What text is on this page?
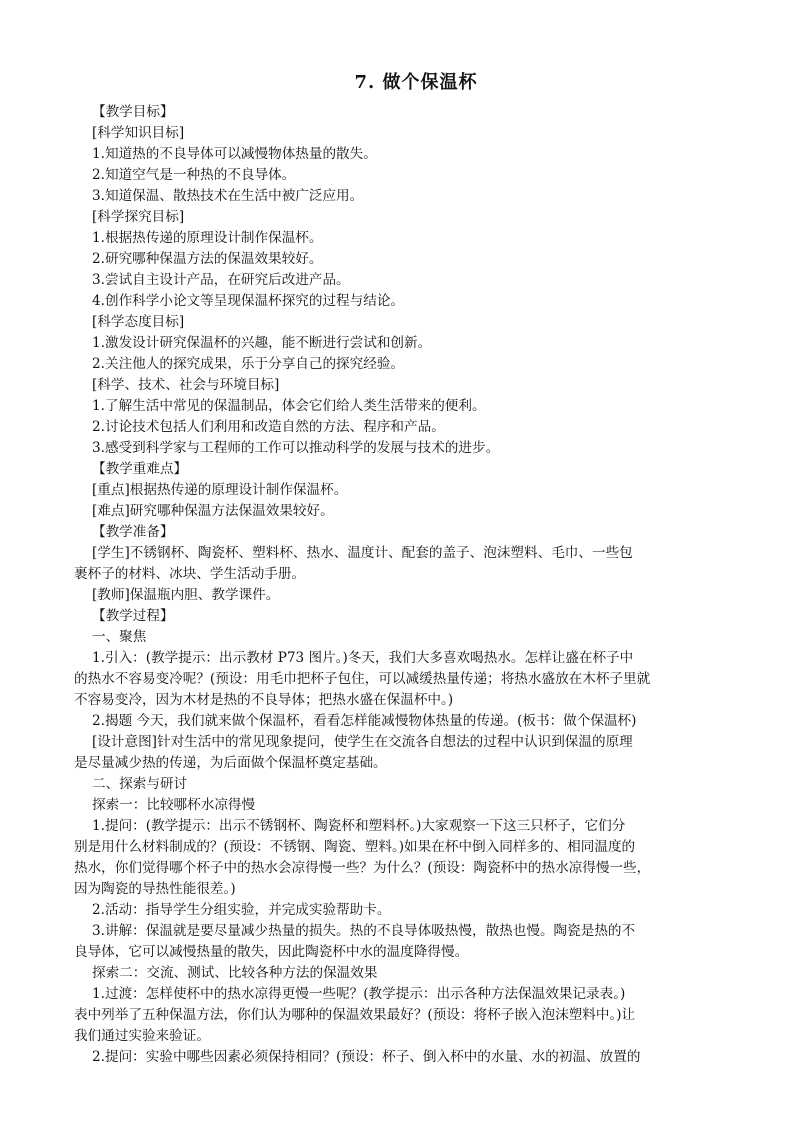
7. 做个保温杯

【教学目标】

[科学知识目标]

1.知道热的不良导体可以减慢物体热量的散失。

2.知道空气是一种热的不良导体。

3.知道保温、散热技术在生活中被广泛应用。

[科学探究目标]

1.根据热传递的原理设计制作保温杯。

2.研究哪种保温方法的保温效果较好。

3.尝试自主设计产品，在研究后改进产品。

4.创作科学小论文等呈现保温杯探究的过程与结论。

[科学态度目标]

1.激发设计研究保温杯的兴趣，能不断进行尝试和创新。

2.关注他人的探究成果，乐于分享自己的探究经验。

[科学、技术、社会与环境目标]

1.了解生活中常见的保温制品，体会它们给人类生活带来的便利。

2.讨论技术包括人们利用和改造自然的方法、程序和产品。

3.感受到科学家与工程师的工作可以推动科学的发展与技术的进步。

【教学重难点】

[重点]根据热传递的原理设计制作保温杯。

[难点]研究哪种保温方法保温效果较好。

【教学准备】

[学生]不锈钢杯、陶瓷杯、塑料杯、热水、温度计、配套的盖子、泡沫塑料、毛巾、一些包

裹杯子的材料、冰块、学生活动手册。

[教师]保温瓶内胆、教学课件。

【教学过程】

一、聚焦

1.引入：(教学提示：出示教材 P73 图片。)冬天，我们大多喜欢喝热水。怎样让盛在杯子中

的热水不容易变冷呢？(预设：用毛巾把杯子包住，可以减缓热量传递；将热水盛放在木杯子里就

不容易变冷，因为木材是热的不良导体；把热水盛在保温杯中。)

2.揭题 今天，我们就来做个保温杯，看看怎样能减慢物体热量的传递。(板书：做个保温杯)

[设计意图]针对生活中的常见现象提问，使学生在交流各自想法的过程中认识到保温的原理

是尽量减少热的传递，为后面做个保温杯奠定基础。

二、探索与研讨

探索一：比较哪杯水凉得慢

1.提问：(教学提示：出示不锈钢杯、陶瓷杯和塑料杯。)大家观察一下这三只杯子，它们分

别是用什么材料制成的？(预设：不锈钢、陶瓷、塑料。)如果在杯中倒入同样多的、相同温度的

热水，你们觉得哪个杯子中的热水会凉得慢一些？为什么？(预设：陶瓷杯中的热水凉得慢一些，

因为陶瓷的导热性能很差。)

2.活动：指导学生分组实验，并完成实验帮助卡。

3.讲解：保温就是要尽量减少热量的损失。热的不良导体吸热慢，散热也慢。陶瓷是热的不

良导体，它可以减慢热量的散失，因此陶瓷杯中水的温度降得慢。

探索二：交流、测试、比较各种方法的保温效果

1.过渡：怎样使杯中的热水凉得更慢一些呢？(教学提示：出示各种方法保温效果记录表。)

表中列举了五种保温方法，你们认为哪种的保温效果最好？(预设：将杯子嵌入泡沫塑料中。)让

我们通过实验来验证。

2.提问：实验中哪些因素必须保持相同？(预设：杯子、倒入杯中的水量、水的初温、放置的
